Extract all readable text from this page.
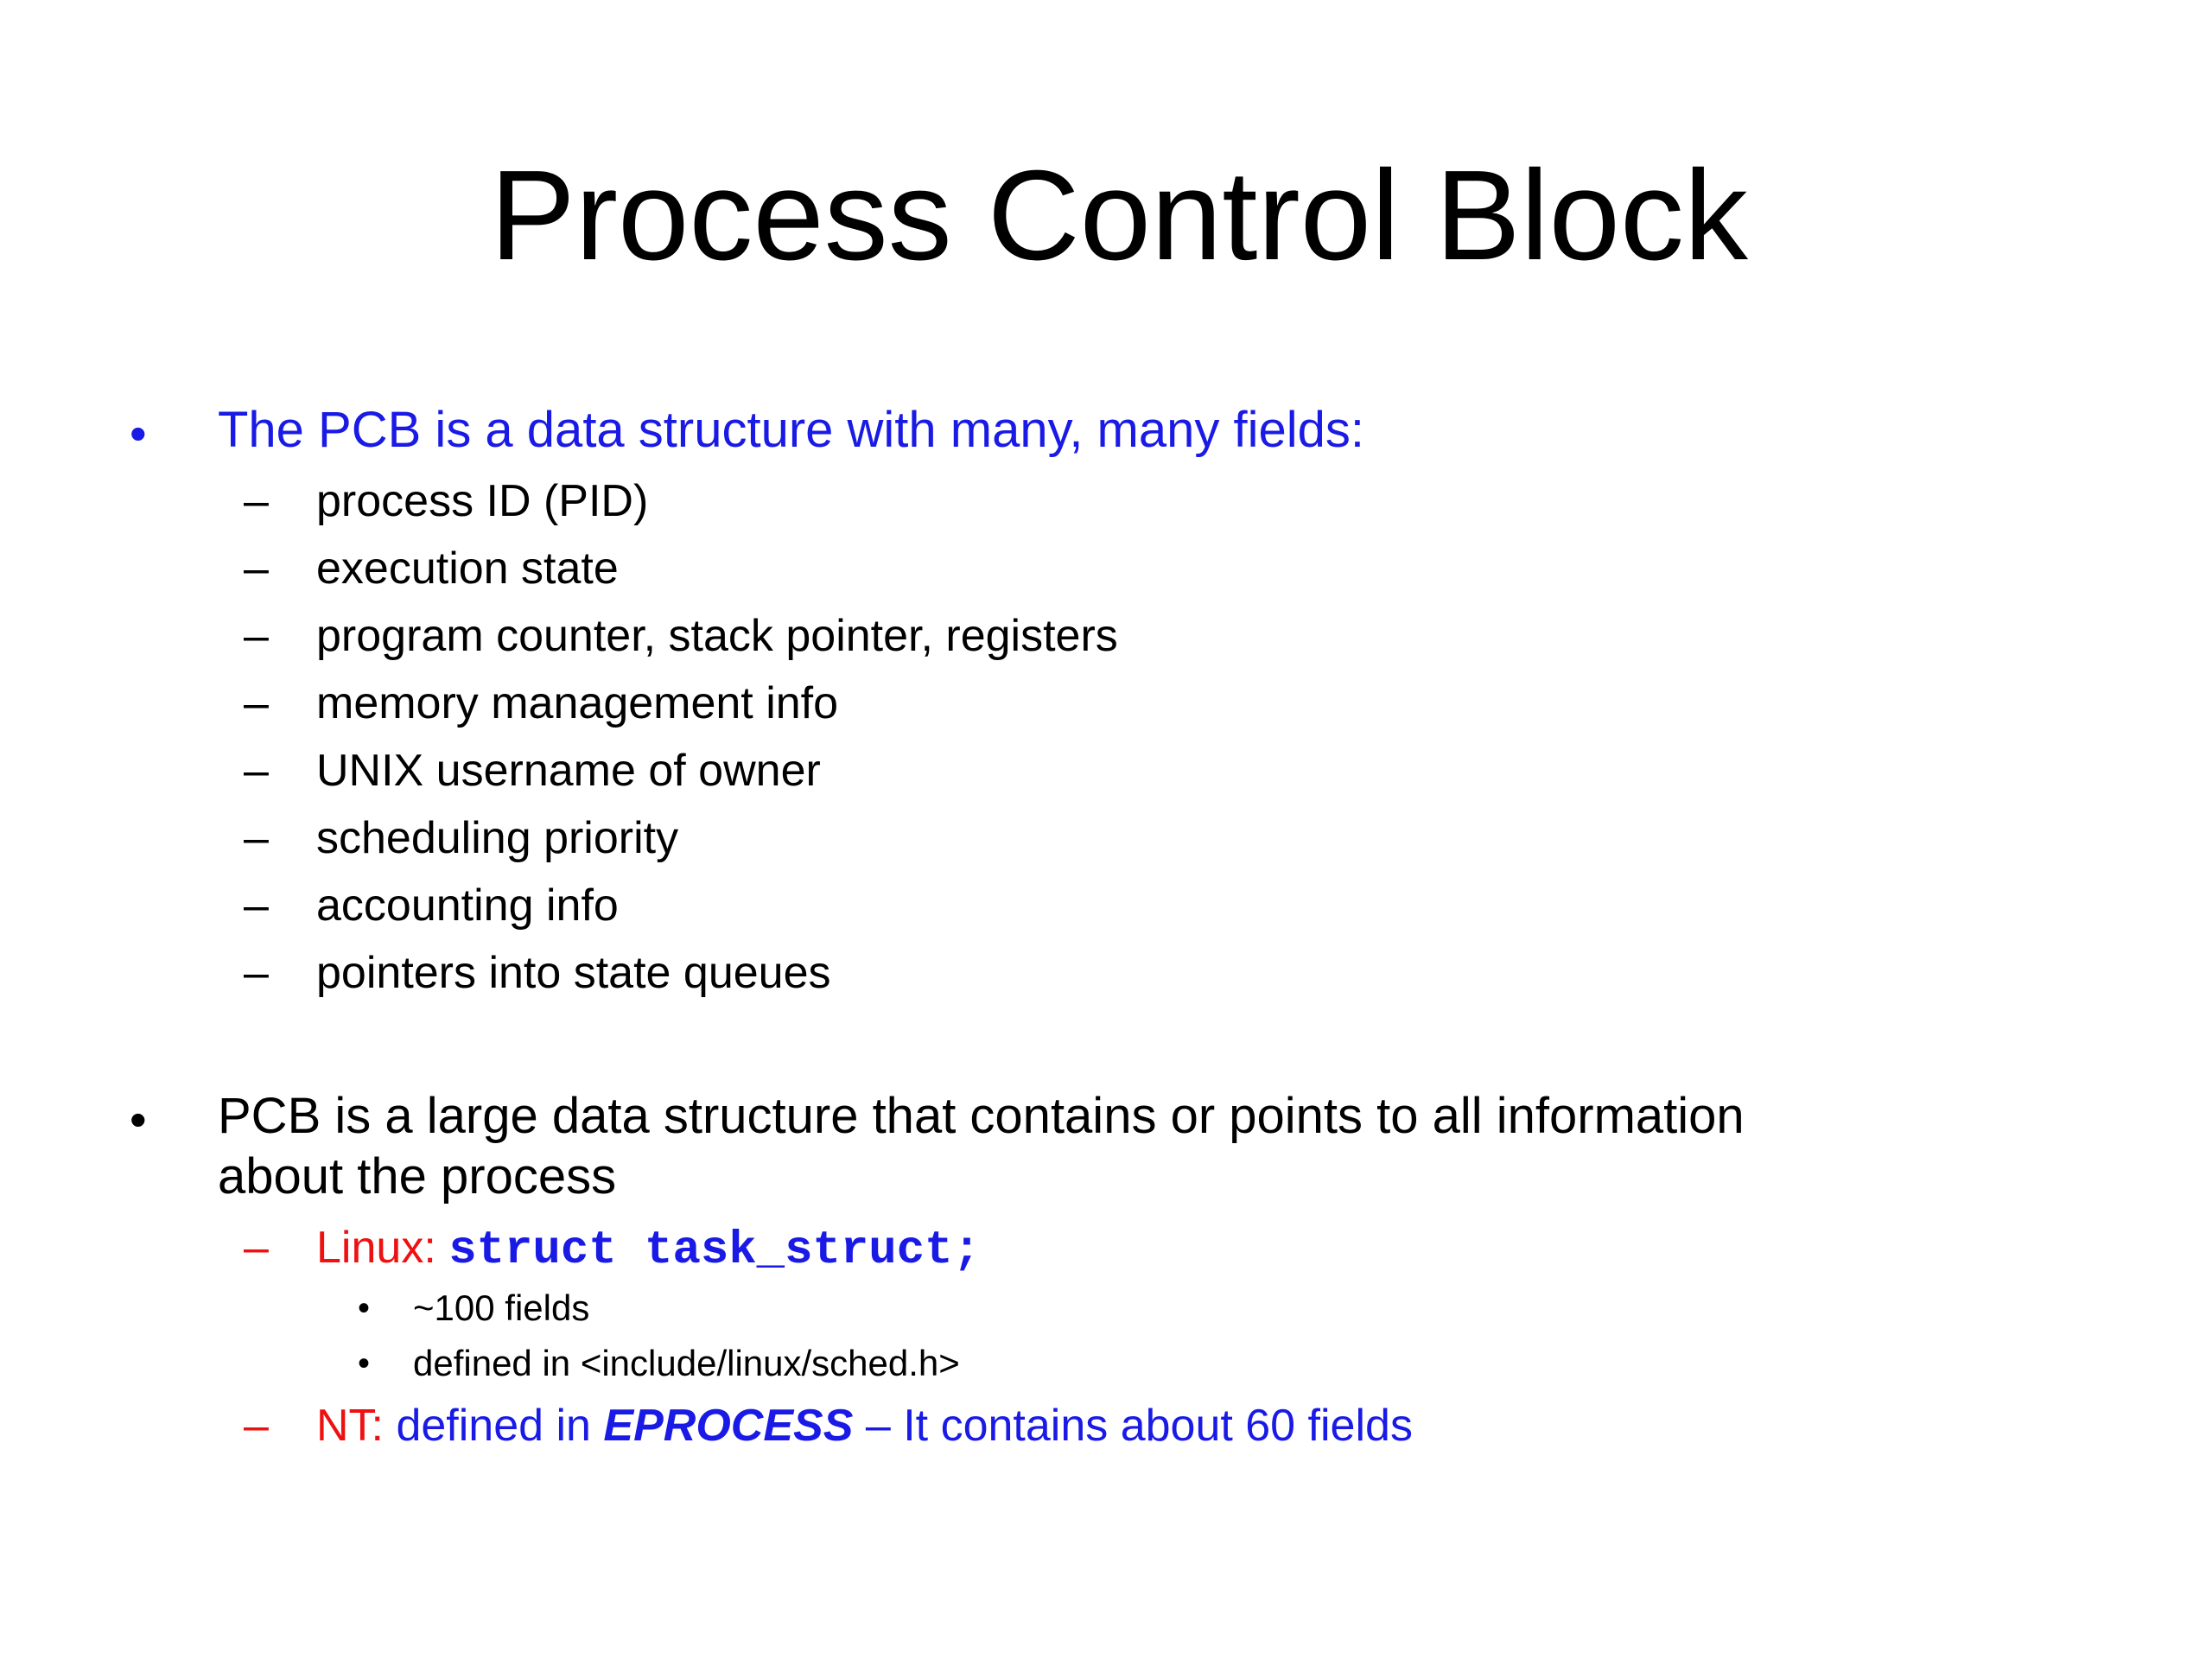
Process Control Block
• The PCB is a data structure with many, many fields:
– process ID (PID)
– execution state
– program counter, stack pointer, registers
– memory management info
– UNIX username of owner
– scheduling priority
– accounting info
– pointers into state queues
• PCB is a large data structure that contains or points to all information
about the process
– Linux: struct task_struct;
• ~100 fields
• defined in <include/linux/sched.h>
– NT: defined in EPROCESS – It contains about 60 fields
